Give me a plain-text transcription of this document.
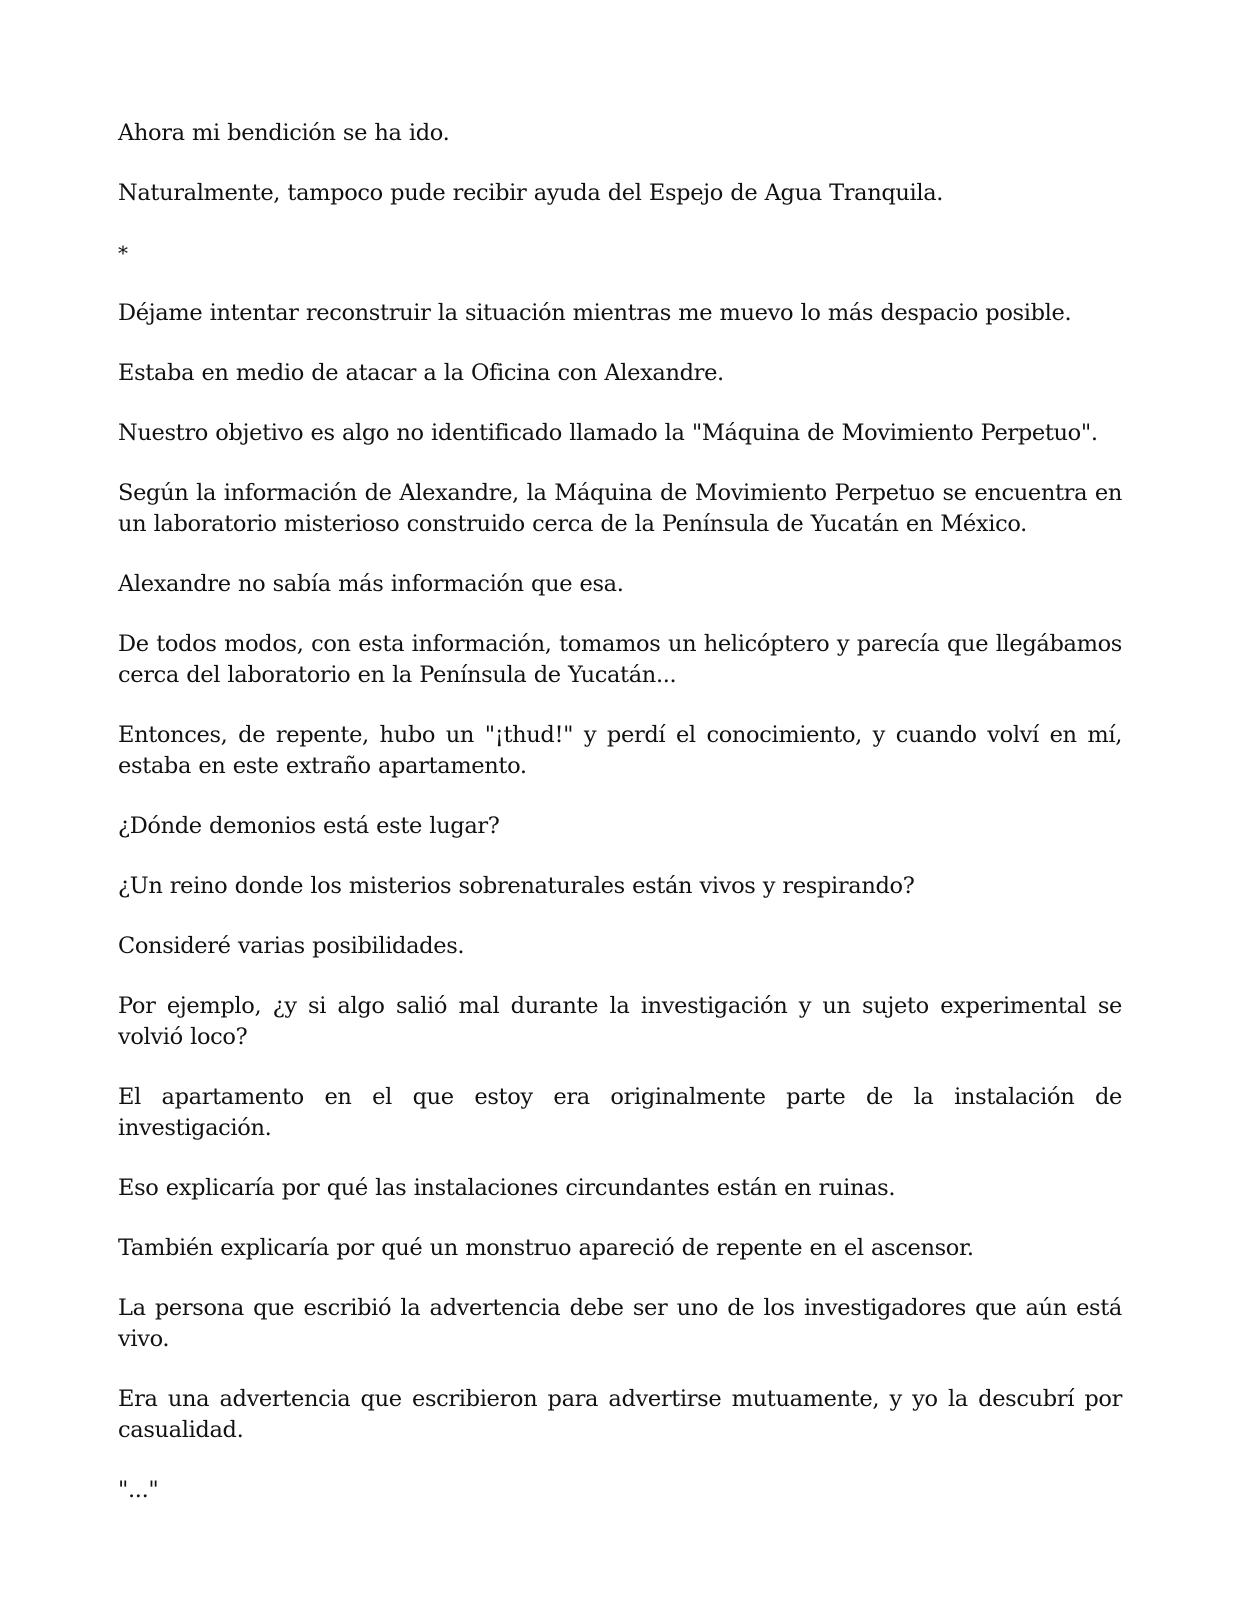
Ahora mi bendición se ha ido.

Naturalmente, tampoco pude recibir ayuda del Espejo de Agua Tranquila.

*

Déjame intentar reconstruir la situación mientras me muevo lo más despacio posible.

Estaba en medio de atacar a la Oficina con Alexandre.

Nuestro objetivo es algo no identificado llamado la "Máquina de Movimiento Perpetuo".

Según la información de Alexandre, la Máquina de Movimiento Perpetuo se encuentra en un laboratorio misterioso construido cerca de la Península de Yucatán en México.

Alexandre no sabía más información que esa.

De todos modos, con esta información, tomamos un helicóptero y parecía que llegábamos cerca del laboratorio en la Península de Yucatán...

Entonces, de repente, hubo un "¡thud!" y perdí el conocimiento, y cuando volví en mí, estaba en este extraño apartamento.

¿Dónde demonios está este lugar?

¿Un reino donde los misterios sobrenaturales están vivos y respirando?

Consideré varias posibilidades.

Por ejemplo, ¿y si algo salió mal durante la investigación y un sujeto experimental se volvió loco?

El apartamento en el que estoy era originalmente parte de la instalación de investigación.

Eso explicaría por qué las instalaciones circundantes están en ruinas.

También explicaría por qué un monstruo apareció de repente en el ascensor.

La persona que escribió la advertencia debe ser uno de los investigadores que aún está vivo.

Era una advertencia que escribieron para advertirse mutuamente, y yo la descubrí por casualidad.

"..."
